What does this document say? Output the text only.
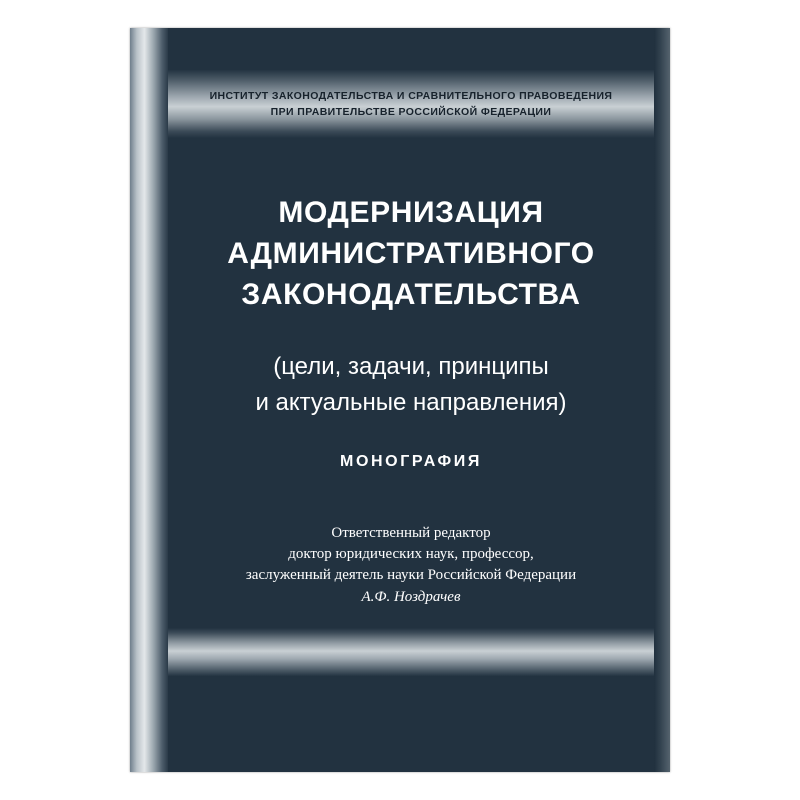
ИНСТИТУТ ЗАКОНОДАТЕЛЬСТВА И СРАВНИТЕЛЬНОГО ПРАВОВЕДЕНИЯ
ПРИ ПРАВИТЕЛЬСТВЕ РОССИЙСКОЙ ФЕДЕРАЦИИ
МОДЕРНИЗАЦИЯ
АДМИНИСТРАТИВНОГО
ЗАКОНОДАТЕЛЬСТВА
(цели, задачи, принципы
и актуальные направления)
МОНОГРАФИЯ
Ответственный редактор
доктор юридических наук, профессор,
заслуженный деятель науки Российской Федерации
А.Ф. Ноздрачев
